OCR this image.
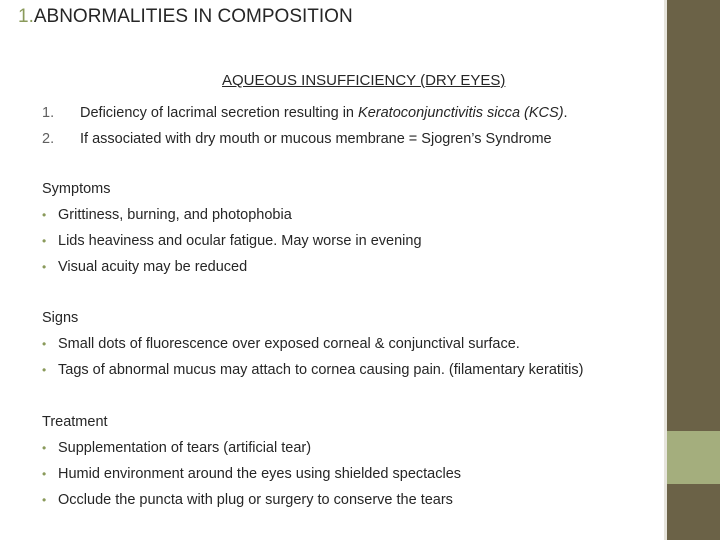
1.ABNORMALITIES IN COMPOSITION
AQUEOUS INSUFFICIENCY (DRY EYES)
1. Deficiency of lacrimal secretion resulting in Keratoconjunctivitis sicca (KCS).
2. If associated with dry mouth or mucous membrane = Sjogren’s Syndrome
Symptoms
• Grittiness, burning, and photophobia
• Lids heaviness and ocular fatigue. May worse in evening
• Visual acuity may be reduced
Signs
• Small dots of fluorescence over exposed corneal & conjunctival surface.
• Tags of abnormal mucus may attach to cornea causing pain. (filamentary keratitis)
Treatment
• Supplementation of tears (artificial tear)
• Humid environment around the eyes using shielded spectacles
• Occlude the puncta with plug or surgery to conserve the tears
